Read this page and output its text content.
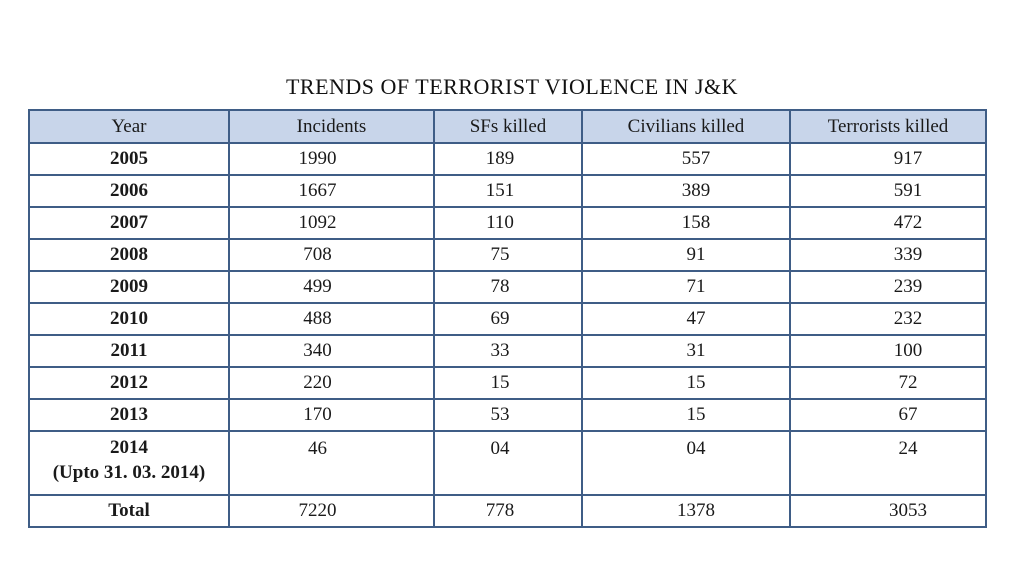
TRENDS OF TERRORIST VIOLENCE IN J&K
Year	Incidents	SFs killed	Civilians killed	Terrorists killed
2005	1990	189	557	917
2006	1667	151	389	591
2007	1092	110	158	472
2008	708	75	91	339
2009	499	78	71	239
2010	488	69	47	232
2011	340	33	31	100
2012	220	15	15	72
2013	170	53	15	67

2014
(Upto 31. 03. 2014)	46	04	04	24
Total	7220	778	1378	3053
